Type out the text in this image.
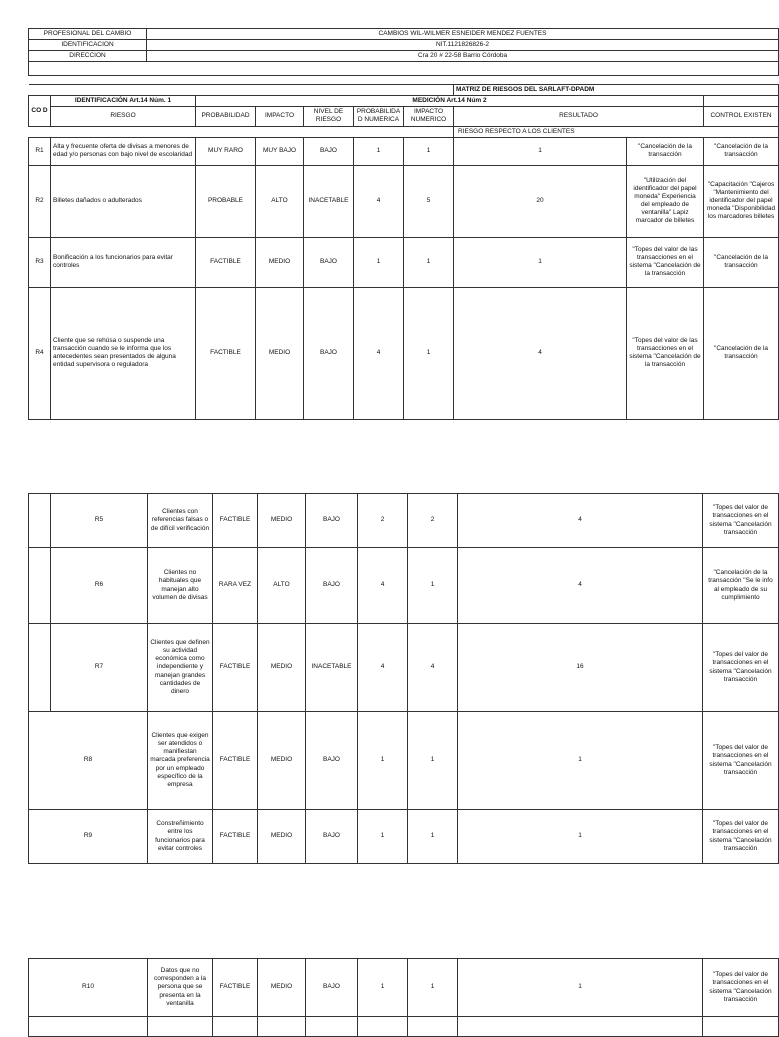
PROFESIONAL DEL CAMBIO	CAMBIOS WIL-WILMER ESNEIDER MENDEZ FUENTES
IDENTIFICACION	NIT.1121826826-2
DIRECCION	Cra 20 # 22-58 Barrio Córdoba

							MATRIZ DE RIESGOS DEL SARLAFT-DPADM		
CO D	IDENTIFICACIÓN Art.14 Núm. 1	MEDICIÓN Art.14 Núm 2							
	RIESGO	PROBABILIDAD	IMPACTO	NIVEL DE RIESGO	PROBABILIDA D NUMERICA	IMPACTO NUMERICO	RESULTADO		CONTROL EXISTEN
							RIESGO RESPECTO A LOS CLIENTES		
R1	Alta y frecuente oferta de divisas a menores de edad y/o personas con bajo nivel de escolaridad	MUY RARO	MUY BAJO	BAJO	1	1	1	"Cancelación de la transacción	"Cancelación de la transacción
R2	Billetes dañados o adulterados	PROBABLE	ALTO	INACETABLE	4	5	20	"Utilización del identificador del papel moneda" Experiencia del empleado de ventanilla" Lapiz marcador de billetes	"Capacitación "Cajeros "Mantenimiento del identificador del papel moneda "Disponibilidad los marcadores billetes
R3	Bonificación a los funcionarios para evitar controles	FACTIBLE	MEDIO	BAJO	1	1	1	"Topes del valor de las transacciones en el sistema "Cancelación de la transacción	"Cancelación de la transacción
R4	Cliente que se rehúsa o suspende una transacción cuando se le informa que los antecedentes sean presentados de alguna entidad supervisora o reguladora	FACTIBLE	MEDIO	BAJO	4	1	4	"Topes del valor de las transacciones en el sistema "Cancelación de la transacción	"Cancelación de la transacción
	R5	Clientes con referencias falsas o de difícil verificación	FACTIBLE	MEDIO	BAJO	2	2	4	"Topes del valor de transacciones en el sistema "Cancelación transacción
	R6	Clientes no habituales que manejan alto volumen de divisas	RARA VEZ	ALTO	BAJO	4	1	4	"Cancelación de la transacción "Se le info al empleado de su cumplimiento
	R7	Clientes que definen su actividad económica como independiente y manejan grandes cantidades de dinero	FACTIBLE	MEDIO	INACETABLE	4	4	16	"Topes del valor de transacciones en el sistema "Cancelación transacción
R8		Clientes que exigen ser atendidos o manifiestan marcada preferencia por un empleado específico de la empresa	FACTIBLE	MEDIO	BAJO	1	1	1	"Topes del valor de transacciones en el sistema "Cancelación transacción
R9		Constreñimiento entre los funcionarios para evitar controles	FACTIBLE	MEDIO	BAJO	1	1	1	"Topes del valor de transacciones en el sistema "Cancelación transacción
R10	Datos que no corresponden a la persona que se presenta en la ventanilla	FACTIBLE	MEDIO	BAJO	1	1	1	"Topes del valor de transacciones en el sistema "Cancelación transacción
